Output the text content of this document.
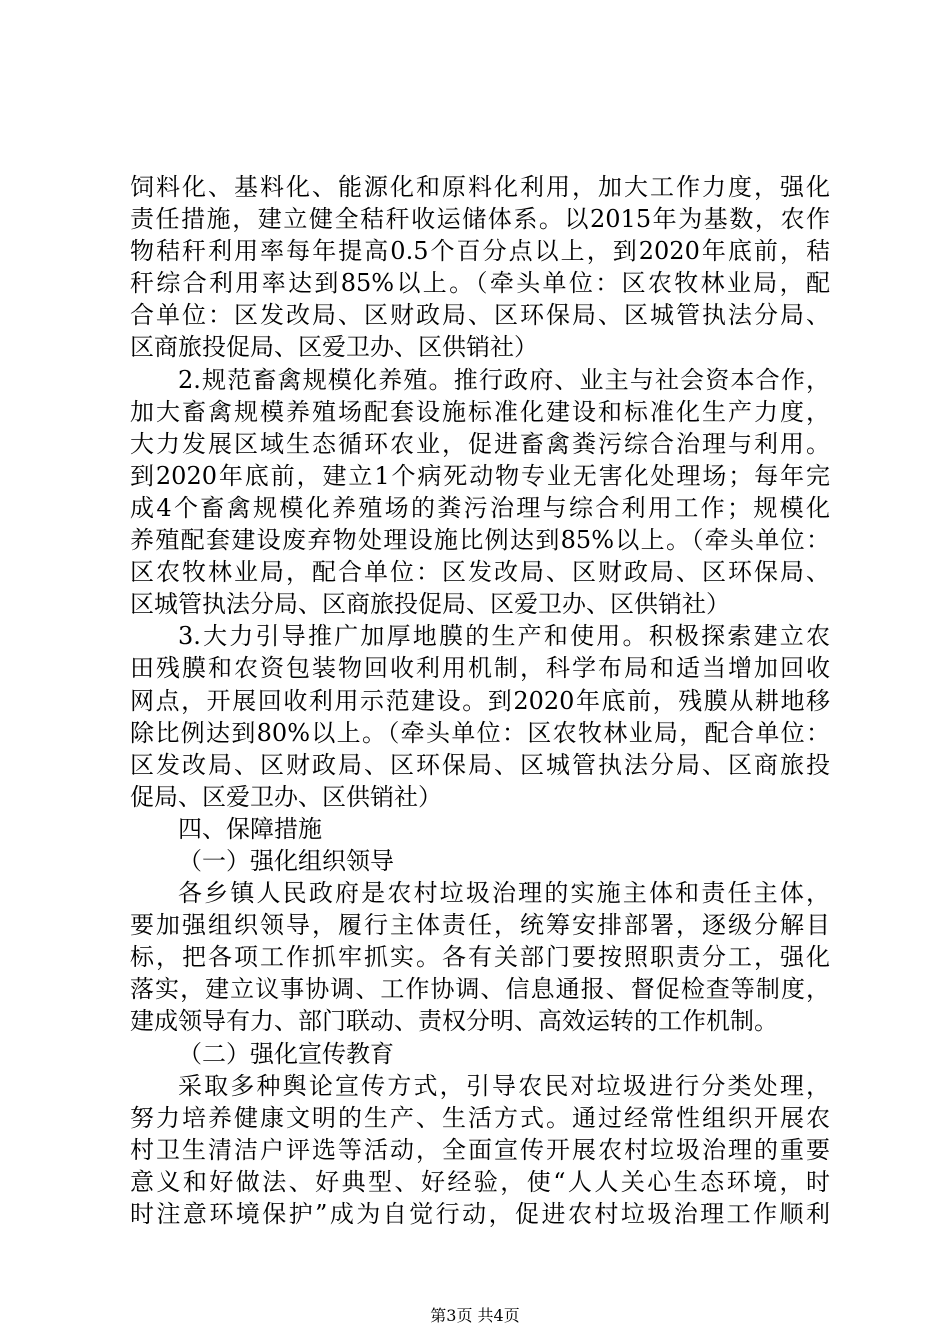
饲料化、基料化、能源化和原料化利用，加大工作力度，强化
责任措施，建立健全秸秆收运储体系。以2015年为基数，农作
物秸秆利用率每年提高0.5个百分点以上，到2020年底前，秸
秆综合利用率达到85%以上。（牵头单位：区农牧林业局，配
合单位：区发改局、区财政局、区环保局、区城管执法分局、
区商旅投促局、区爱卫办、区供销社）
2.规范畜禽规模化养殖。推行政府、业主与社会资本合作，
加大畜禽规模养殖场配套设施标准化建设和标准化生产力度，
大力发展区域生态循环农业，促进畜禽粪污综合治理与利用。
到2020年底前，建立1个病死动物专业无害化处理场；每年完
成4个畜禽规模化养殖场的粪污治理与综合利用工作；规模化
养殖配套建设废弃物处理设施比例达到85%以上。（牵头单位：
区农牧林业局，配合单位：区发改局、区财政局、区环保局、
区城管执法分局、区商旅投促局、区爱卫办、区供销社）
3.大力引导推广加厚地膜的生产和使用。积极探索建立农
田残膜和农资包装物回收利用机制，科学布局和适当增加回收
网点，开展回收利用示范建设。到2020年底前，残膜从耕地移
除比例达到80%以上。（牵头单位：区农牧林业局，配合单位：
区发改局、区财政局、区环保局、区城管执法分局、区商旅投
促局、区爱卫办、区供销社）
四、保障措施
（一）强化组织领导
各乡镇人民政府是农村垃圾治理的实施主体和责任主体，
要加强组织领导，履行主体责任，统筹安排部署，逐级分解目
标，把各项工作抓牢抓实。各有关部门要按照职责分工，强化
落实，建立议事协调、工作协调、信息通报、督促检查等制度，
建成领导有力、部门联动、责权分明、高效运转的工作机制。
（二）强化宣传教育
采取多种舆论宣传方式，引导农民对垃圾进行分类处理，
努力培养健康文明的生产、生活方式。通过经常性组织开展农
村卫生清洁户评选等活动，全面宣传开展农村垃圾治理的重要
意义和好做法、好典型、好经验，使“人人关心生态环境，时
时注意环境保护”成为自觉行动，促进农村垃圾治理工作顺利
第3页 共4页
